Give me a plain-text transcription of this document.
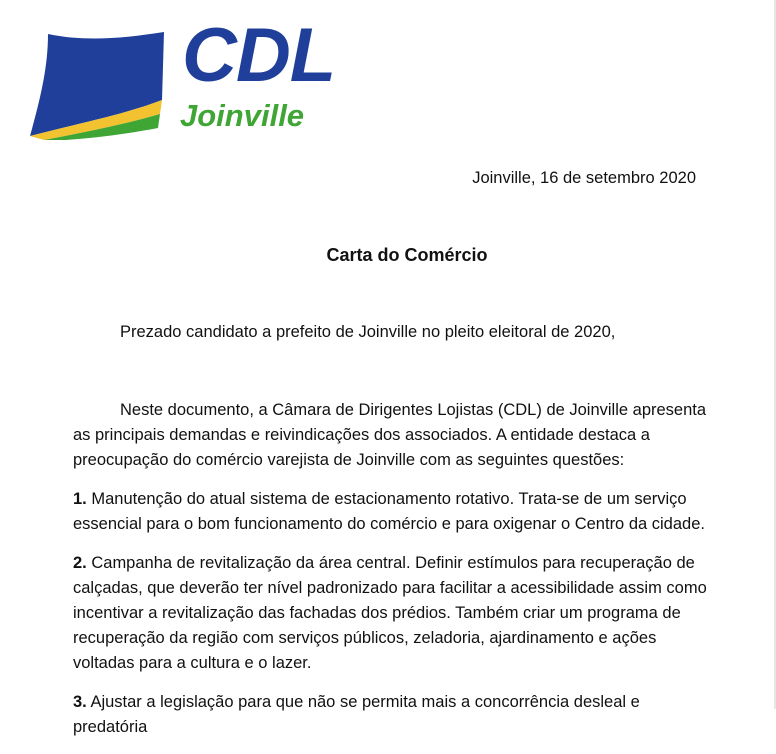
CDL
Joinville
Joinville, 16 de setembro 2020
Carta do Comércio
Prezado candidato a prefeito de Joinville no pleito eleitoral de 2020,

Neste documento, a Câmara de Dirigentes Lojistas (CDL) de Joinville apresenta as principais demandas e reivindicações dos associados. A entidade destaca a preocupação do comércio varejista de Joinville com as seguintes questões:

1. Manutenção do atual sistema de estacionamento rotativo. Trata-se de um serviço essencial para o bom funcionamento do comércio e para oxigenar o Centro da cidade.

2. Campanha de revitalização da área central. Definir estímulos para recuperação de calçadas, que deverão ter nível padronizado para facilitar a acessibilidade assim como incentivar a revitalização das fachadas dos prédios. Também criar um programa de recuperação da região com serviços públicos, zeladoria, ajardinamento e ações voltadas para a cultura e o lazer.

3. Ajustar a legislação para que não se permita mais a concorrência desleal e predatória
